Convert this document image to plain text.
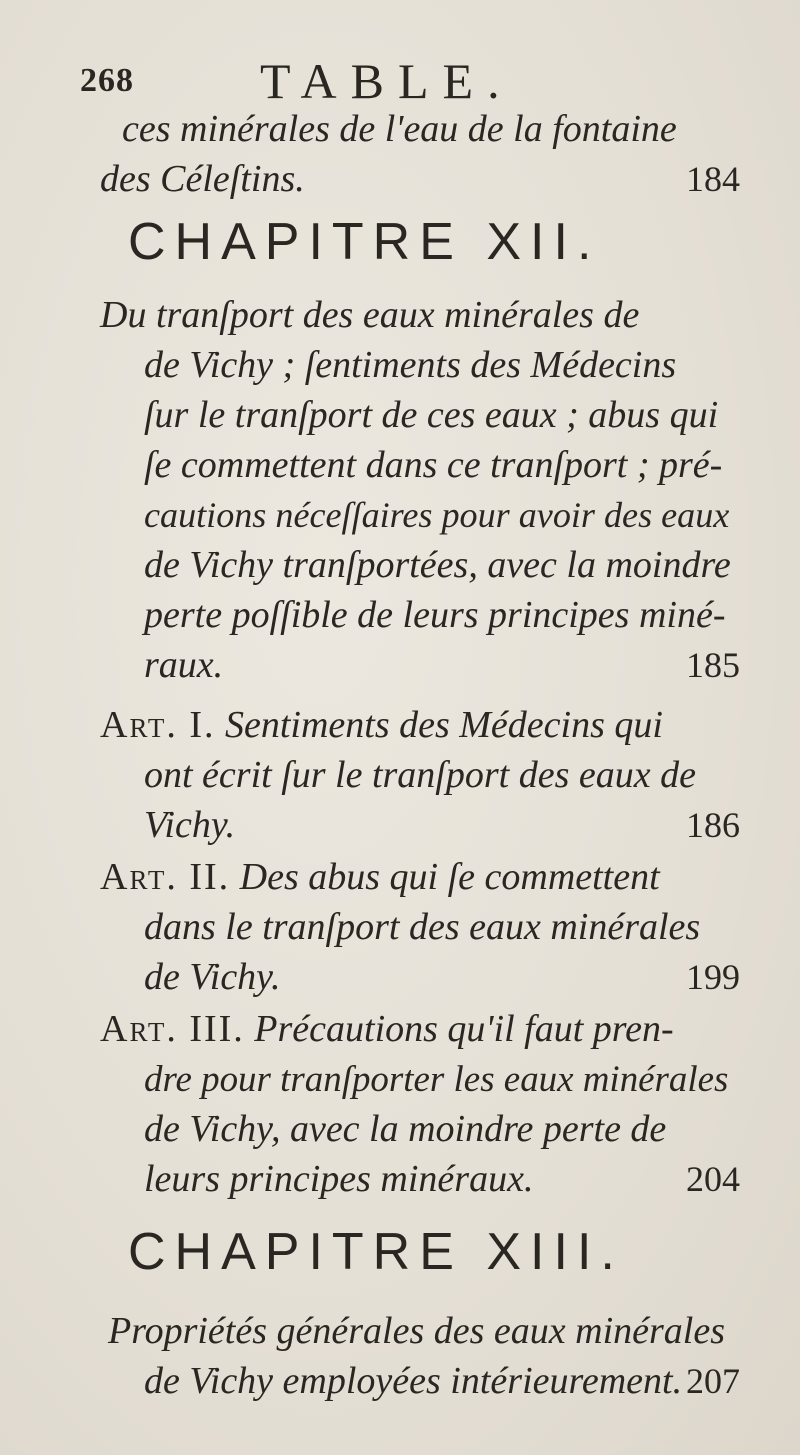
268	TABLE.
ces minérales de l'eau de la fontaine
des Céleſtins.	184
CHAPITRE XII.
Du tranſport des eaux minérales de
de Vichy ; ſentiments des Médecins
ſur le tranſport de ces eaux ; abus qui
ſe commettent dans ce tranſport ; pré-
cautions néceſſaires pour avoir des eaux
de Vichy tranſportées, avec la moindre
perte poſſible de leurs principes miné-
raux.	185
Art. I. Sentiments des Médecins qui
ont écrit ſur le tranſport des eaux de
Vichy.	186
Art. II. Des abus qui ſe commettent
dans le tranſport des eaux minérales
de Vichy.	199
Art. III. Précautions qu'il faut pren-
dre pour tranſporter les eaux minérales
de Vichy, avec la moindre perte de
leurs principes minéraux.	204
CHAPITRE XIII.
Propriétés générales des eaux minérales
de Vichy employées intérieurement. 207
